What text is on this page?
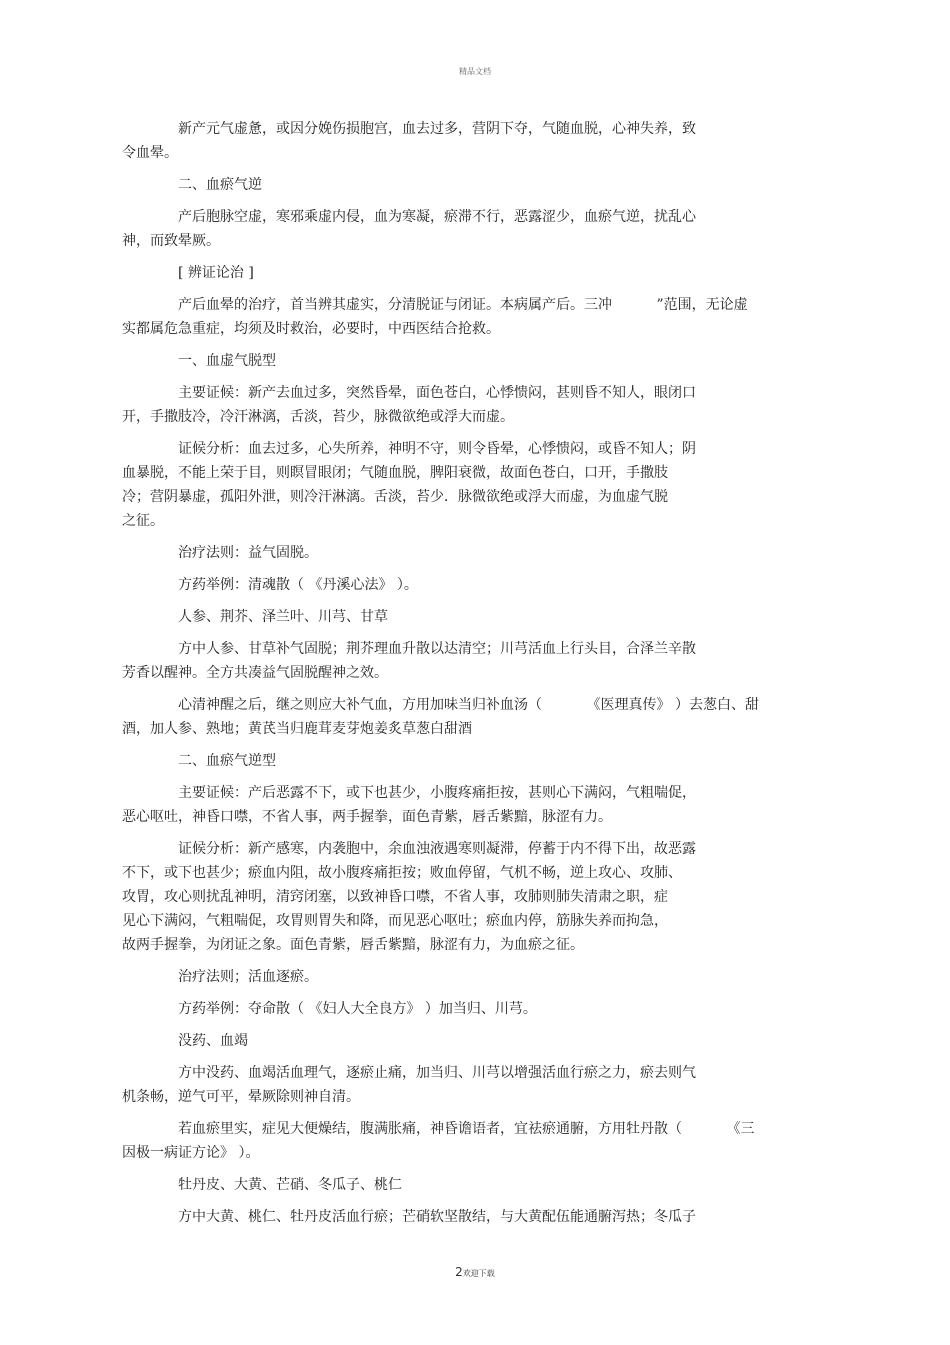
精品文档
新产元气虚惫，或因分娩伤损胞宫，血去过多，营阴下夺，气随血脱，心神失养，致
令血晕。
二、血瘀气逆
产后胞脉空虚，寒邪乘虚内侵，血为寒凝，瘀滞不行，恶露涩少，血瘀气逆，扰乱心
神，而致晕厥。
[ 辨证论治 ]
产后血晕的治疗，首当辨其虚实，分清脱证与闭证。本病属产后。三冲          ”范围，无论虚
实都属危急重症，均须及时救治，必要时，中西医结合抢救。
一、血虚气脱型
主要证候：新产去血过多，突然昏晕，面色苍白，心悸愦闷，甚则昏不知人，眼闭口
开，手撒肢冷，冷汗淋漓，舌淡，苔少，脉微欲绝或浮大而虚。
证候分析：血去过多，心失所养，神明不守，则令昏晕，心悸愦闷，或昏不知人；阴
血暴脱，不能上荣于目，则瞑冒眼闭；气随血脱，脾阳衰微，故面色苍白，口开，手撒肢
冷；营阴暴虚，孤阳外泄，则冷汗淋漓。舌淡，苔少．脉微欲绝或浮大而虚，为血虚气脱
之征。
治疗法则：益气固脱。
方药举例：清魂散（ 《丹溪心法》 ）。
人参、荆芥、泽兰叶、川芎、甘草
方中人参、甘草补气固脱；荆芥理血升散以达清空；川芎活血上行头目，合泽兰辛散
芳香以醒神。全方共凑益气固脱醒神之效。
心清神醒之后，继之则应大补气血，方用加味当归补血汤（          《医理真传》 ）去葱白、甜
酒，加人参、熟地；黄芪当归鹿茸麦芽炮姜炙草葱白甜酒
二、血瘀气逆型
主要证候：产后恶露不下，或下也甚少，小腹疼痛拒按，甚则心下满闷，气粗喘促，
恶心呕吐，神昏口噤，不省人事，两手握拳，面色青紫，唇舌紫黯，脉涩有力。
证候分析：新产感寒，内袭胞中，余血浊液遇寒则凝滞，停蓄于内不得下出，故恶露
不下，或下也甚少；瘀血内阻，故小腹疼痛拒按；败血停留，气机不畅，逆上攻心、攻肺、
攻胃，攻心则扰乱神明，清窍闭塞，以致神昏口噤，不省人事，攻肺则肺失清肃之职，症
见心下满闷，气粗喘促，攻胃则胃失和降，而见恶心呕吐；瘀血内停，筋脉失养而拘急，
故两手握拳，为闭证之象。面色青紫，唇舌紫黯，脉涩有力，为血瘀之征。
治疗法则；活血逐瘀。
方药举例：夺命散（ 《妇人大全良方》 ）加当归、川芎。
没药、血竭
方中没药、血竭活血理气，逐瘀止痛，加当归、川芎以增强活血行瘀之力，瘀去则气
机条畅，逆气可平，晕厥除则神自清。
若血瘀里实，症见大便燥结，腹满胀痛，神昏谵语者，宜祛瘀通腑，方用牡丹散（          《三
因极一病证方论》 ）。
牡丹皮、大黄、芒硝、冬瓜子、桃仁
方中大黄、桃仁、牡丹皮活血行瘀；芒硝软坚散结，与大黄配伍能通腑泻热；冬瓜子
2欢迎下载
